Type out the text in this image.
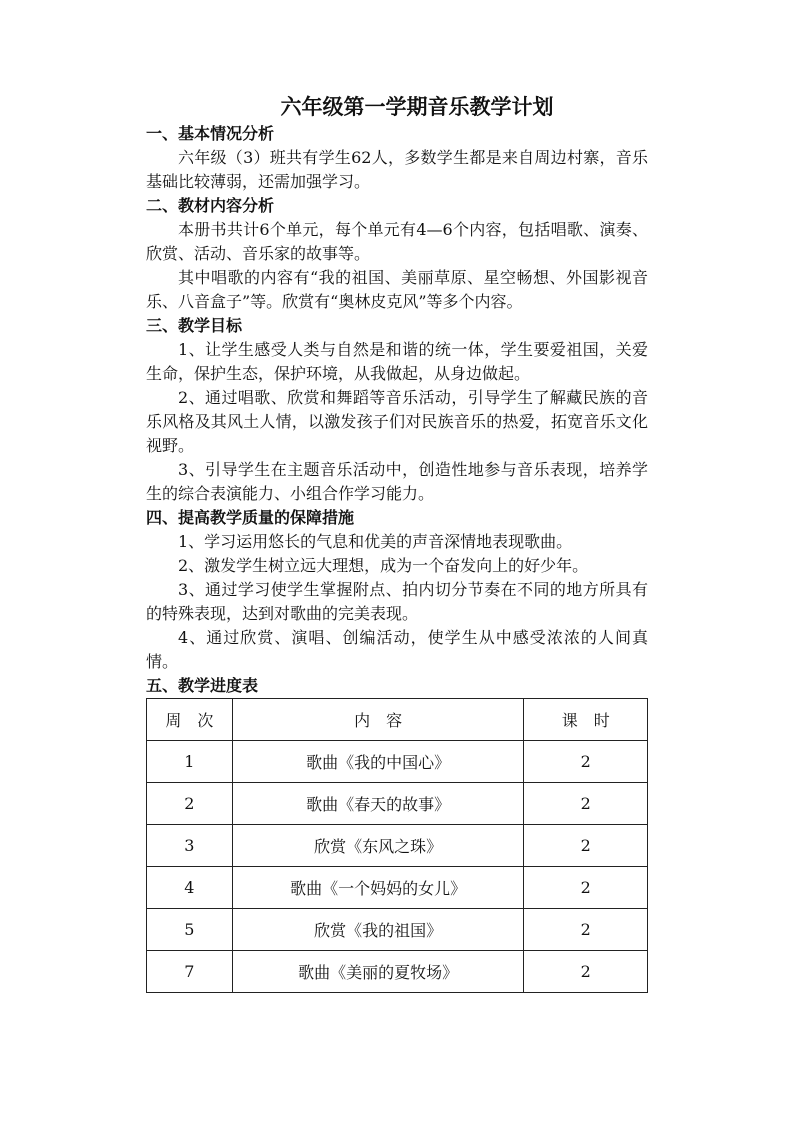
六年级第一学期音乐教学计划

一、基本情况分析

六年级（3）班共有学生62人，多数学生都是来自周边村寨，音乐基础比较薄弱，还需加强学习。

二、教材内容分析

本册书共计6个单元，每个单元有4—6个内容，包括唱歌、演奏、欣赏、活动、音乐家的故事等。

其中唱歌的内容有“我的祖国、美丽草原、星空畅想、外国影视音乐、八音盒子”等。欣赏有“奥林皮克风”等多个内容。

三、教学目标

1、让学生感受人类与自然是和谐的统一体，学生要爱祖国，关爱生命，保护生态，保护环境，从我做起，从身边做起。

2、通过唱歌、欣赏和舞蹈等音乐活动，引导学生了解藏民族的音乐风格及其风土人情，以激发孩子们对民族音乐的热爱，拓宽音乐文化视野。

3、引导学生在主题音乐活动中，创造性地参与音乐表现，培养学生的综合表演能力、小组合作学习能力。

四、提高教学质量的保障措施

1、学习运用悠长的气息和优美的声音深情地表现歌曲。

2、激发学生树立远大理想，成为一个奋发向上的好少年。

3、通过学习使学生掌握附点、拍内切分节奏在不同的地方所具有的特殊表现，达到对歌曲的完美表现。

4、通过欣赏、演唱、创编活动，使学生从中感受浓浓的人间真情。

五、教学进度表

周　次	内　容	课　时
1	歌曲《我的中国心》	2
2	歌曲《春天的故事》	2
3	欣赏《东风之珠》	2
4	歌曲《一个妈妈的女儿》	2
5	欣赏《我的祖国》	2
7	歌曲《美丽的夏牧场》	2
